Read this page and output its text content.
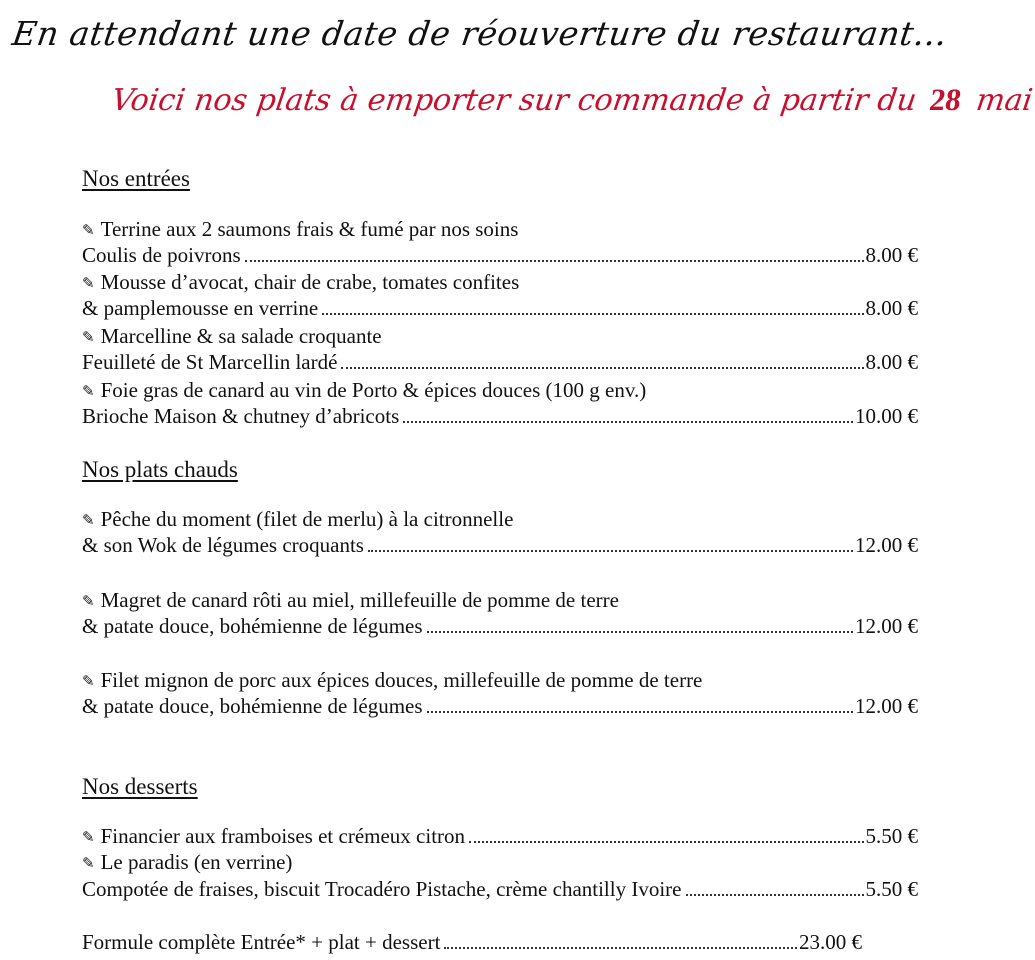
En attendant une date de réouverture du restaurant…
Voici nos plats à emporter sur commande à partir du 28 mai
Nos entrées
✎ Terrine aux 2 saumons frais & fumé par nos soins
Coulis de poivrons	8.00 €
✎ Mousse d’avocat, chair de crabe, tomates confites
& pamplemousse en verrine	8.00 €
✎ Marcelline & sa salade croquante
Feuilleté de St Marcellin lardé	8.00 €
✎ Foie gras de canard au vin de Porto & épices douces (100 g env.)
Brioche Maison & chutney d’abricots	10.00 €
Nos plats chauds
✎ Pêche du moment (filet de merlu) à la citronnelle
& son Wok de légumes croquants	12.00 €
✎ Magret de canard rôti au miel, millefeuille de pomme de terre
& patate douce, bohémienne de légumes	12.00 €
✎ Filet mignon de porc aux épices douces, millefeuille de pomme de terre
& patate douce, bohémienne de légumes	12.00 €
Nos desserts
✎ Financier aux framboises et crémeux citron	5.50 €
✎ Le paradis (en verrine)
Compotée de fraises, biscuit Trocadéro Pistache, crème chantilly Ivoire	5.50 €
Formule complète Entrée* + plat + dessert	23.00 €
